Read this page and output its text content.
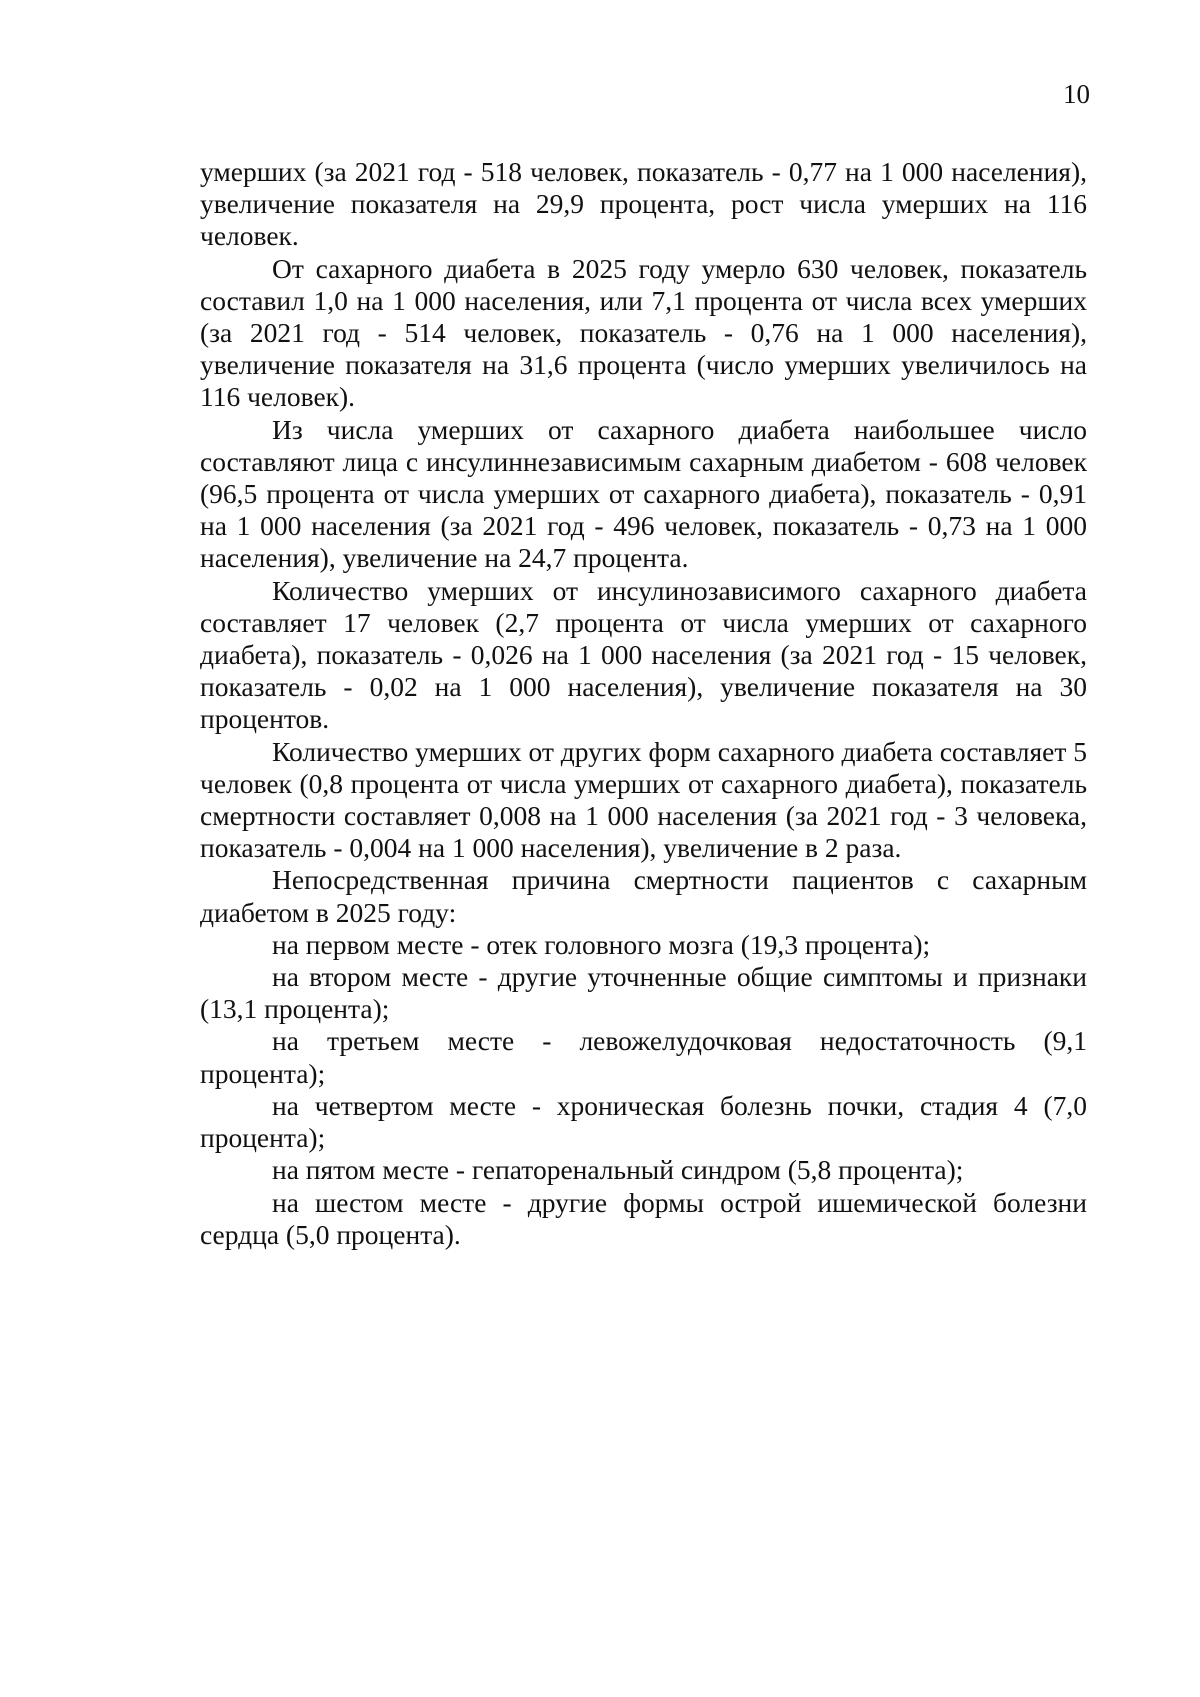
10

умерших (за 2021 год - 518 человек, показатель - 0,77 на 1 000 населения), увеличение показателя на 29,9 процента, рост числа умерших на 116 человек.

От сахарного диабета в 2025 году умерло 630 человек, показатель составил 1,0 на 1 000 населения, или 7,1 процента от числа всех умерших (за 2021 год - 514 человек, показатель - 0,76 на 1 000 населения), увеличение показателя на 31,6 процента (число умерших увеличилось на 116 человек).

Из числа умерших от сахарного диабета наибольшее число составляют лица с инсулиннезависимым сахарным диабетом - 608 человек (96,5 процента от числа умерших от сахарного диабета), показатель - 0,91 на 1 000 населения (за 2021 год - 496 человек, показатель - 0,73 на 1 000 населения), увеличение на 24,7 процента.

Количество умерших от инсулинозависимого сахарного диабета составляет 17 человек (2,7 процента от числа умерших от сахарного диабета), показатель - 0,026 на 1 000 населения (за 2021 год - 15 человек, показатель - 0,02 на 1 000 населения), увеличение показателя на 30 процентов.

Количество умерших от других форм сахарного диабета составляет 5 человек (0,8 процента от числа умерших от сахарного диабета), показатель смертности составляет 0,008 на 1 000 населения (за 2021 год - 3 человека, показатель - 0,004 на 1 000 населения), увеличение в 2 раза.

Непосредственная причина смертности пациентов с сахарным диабетом в 2025 году:

на первом месте - отек головного мозга (19,3 процента);

на втором месте - другие уточненные общие симптомы и признаки (13,1 процента);

на третьем месте - левожелудочковая недостаточность (9,1 процента);

на четвертом месте - хроническая болезнь почки, стадия 4 (7,0 процента);

на пятом месте - гепаторенальный синдром (5,8 процента);

на шестом месте - другие формы острой ишемической болезни сердца (5,0 процента).
